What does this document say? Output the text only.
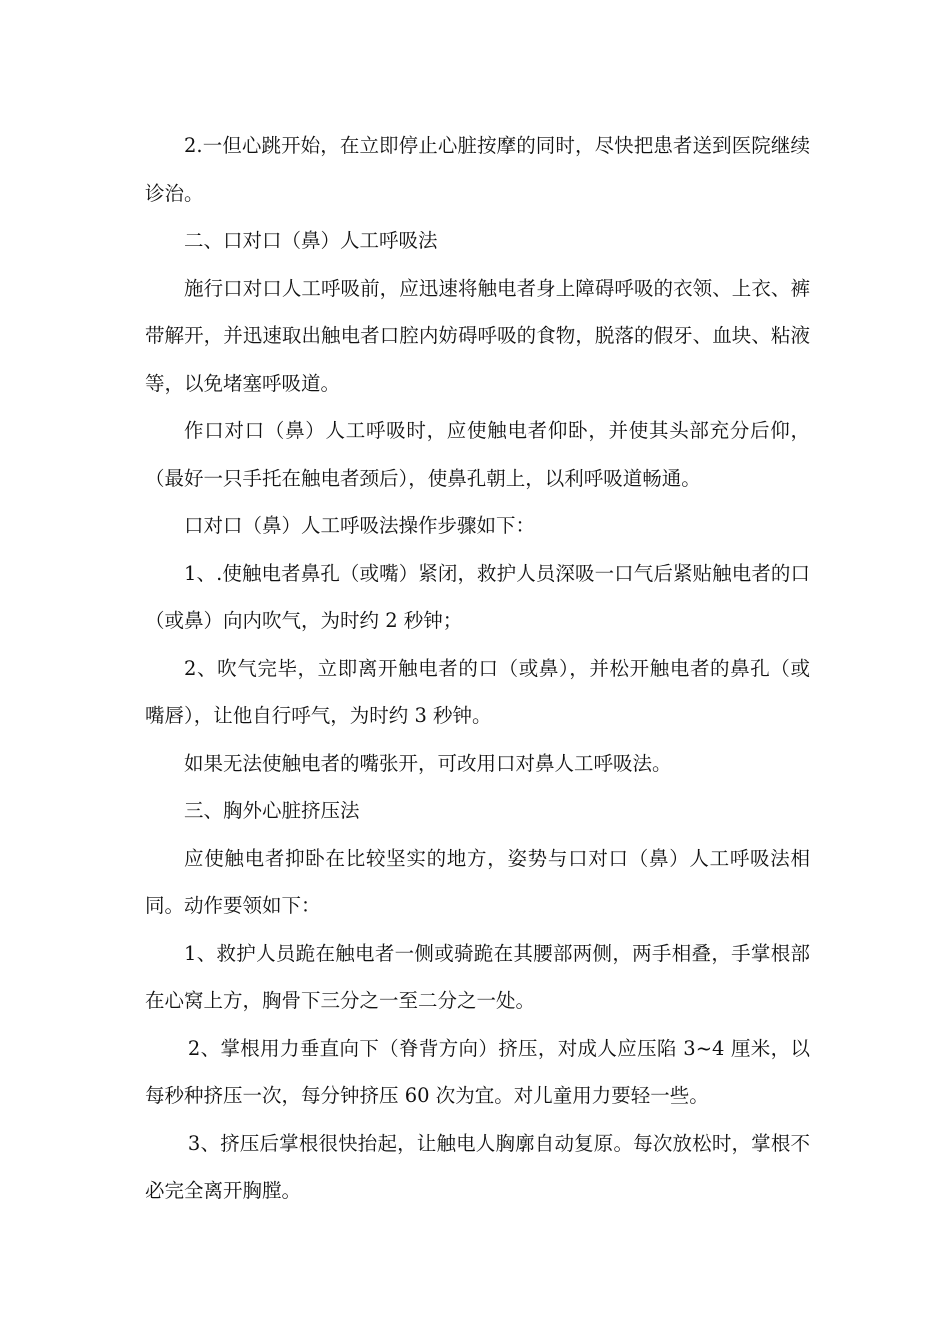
2.一但心跳开始，在立即停止心脏按摩的同时，尽快把患者送到医院继续诊治。

二、口对口（鼻）人工呼吸法

施行口对口人工呼吸前，应迅速将触电者身上障碍呼吸的衣领、上衣、裤带解开，并迅速取出触电者口腔内妨碍呼吸的食物，脱落的假牙、血块、粘液等，以免堵塞呼吸道。

作口对口（鼻）人工呼吸时，应使触电者仰卧，并使其头部充分后仰，（最好一只手托在触电者颈后），使鼻孔朝上，以利呼吸道畅通。

口对口（鼻）人工呼吸法操作步骤如下：

1、.使触电者鼻孔（或嘴）紧闭，救护人员深吸一口气后紧贴触电者的口（或鼻）向内吹气，为时约 2 秒钟；

2、吹气完毕，立即离开触电者的口（或鼻），并松开触电者的鼻孔（或嘴唇），让他自行呼气，为时约 3 秒钟。

如果无法使触电者的嘴张开，可改用口对鼻人工呼吸法。

三、胸外心脏挤压法

应使触电者抑卧在比较坚实的地方，姿势与口对口（鼻）人工呼吸法相同。动作要领如下：

1、救护人员跪在触电者一侧或骑跪在其腰部两侧，两手相叠，手掌根部在心窝上方，胸骨下三分之一至二分之一处。

2、掌根用力垂直向下（脊背方向）挤压，对成人应压陷 3~4 厘米，以每秒种挤压一次，每分钟挤压 60 次为宜。对儿童用力要轻一些。

3、挤压后掌根很快抬起，让触电人胸廓自动复原。每次放松时，掌根不必完全离开胸膛。
